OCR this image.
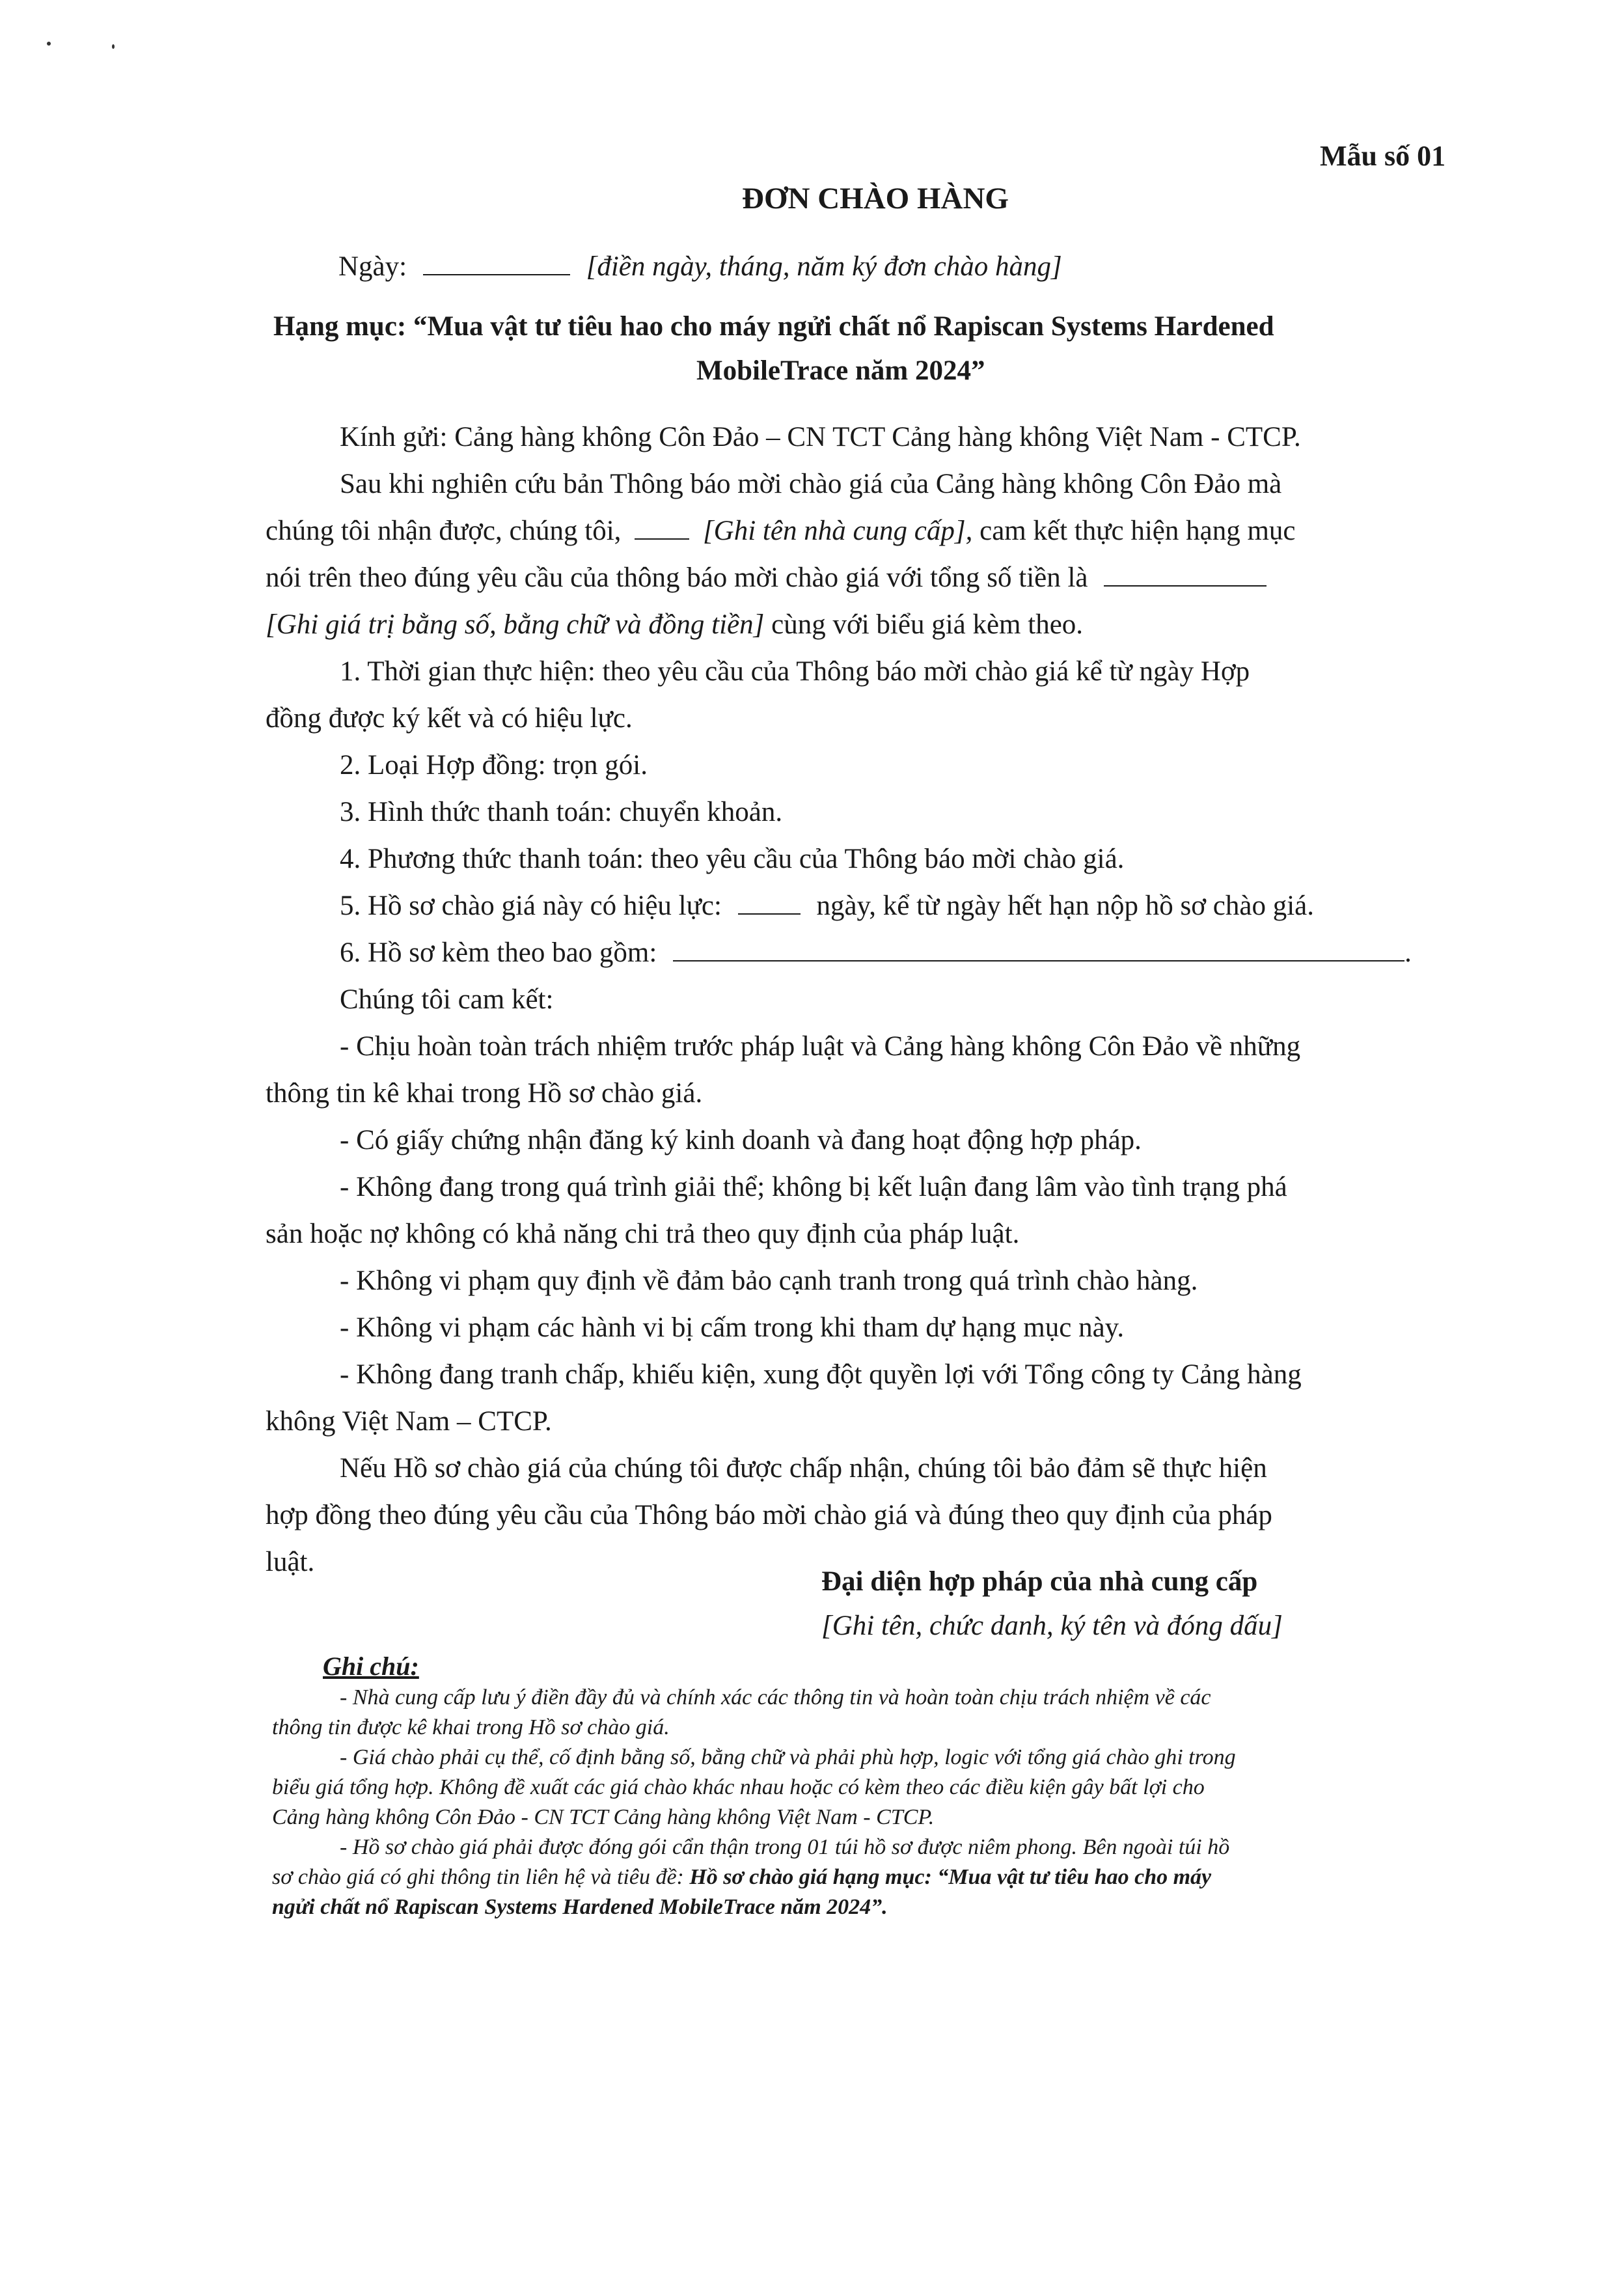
Mẫu số 01
ĐƠN CHÀO HÀNG
Ngày:	[điền ngày, tháng, năm ký đơn chào hàng]
Hạng mục: “Mua vật tư tiêu hao cho máy ngửi chất nổ Rapiscan Systems Hardened
MobileTrace năm 2024”
Kính gửi: Cảng hàng không Côn Đảo – CN TCT Cảng hàng không Việt Nam - CTCP.
Sau khi nghiên cứu bản Thông báo mời chào giá của Cảng hàng không Côn Đảo mà
chúng tôi nhận được, chúng tôi,	[Ghi tên nhà cung cấp], cam kết thực hiện hạng mục
nói trên theo đúng yêu cầu của thông báo mời chào giá với tổng số tiền là
[Ghi giá trị bằng số, bằng chữ và đồng tiền] cùng với biểu giá kèm theo.
1. Thời gian thực hiện: theo yêu cầu của Thông báo mời chào giá kể từ ngày Hợp
đồng được ký kết và có hiệu lực.
2. Loại Hợp đồng: trọn gói.
3. Hình thức thanh toán: chuyển khoản.
4. Phương thức thanh toán: theo yêu cầu của Thông báo mời chào giá.
5. Hồ sơ chào giá này có hiệu lực:	ngày, kể từ ngày hết hạn nộp hồ sơ chào giá.
6. Hồ sơ kèm theo bao gồm:	.
Chúng tôi cam kết:
- Chịu hoàn toàn trách nhiệm trước pháp luật và Cảng hàng không Côn Đảo về những
thông tin kê khai trong Hồ sơ chào giá.
- Có giấy chứng nhận đăng ký kinh doanh và đang hoạt động hợp pháp.
- Không đang trong quá trình giải thể; không bị kết luận đang lâm vào tình trạng phá
sản hoặc nợ không có khả năng chi trả theo quy định của pháp luật.
- Không vi phạm quy định về đảm bảo cạnh tranh trong quá trình chào hàng.
- Không vi phạm các hành vi bị cấm trong khi tham dự hạng mục này.
- Không đang tranh chấp, khiếu kiện, xung đột quyền lợi với Tổng công ty Cảng hàng
không Việt Nam – CTCP.
Nếu Hồ sơ chào giá của chúng tôi được chấp nhận, chúng tôi bảo đảm sẽ thực hiện
hợp đồng theo đúng yêu cầu của Thông báo mời chào giá và đúng theo quy định của pháp
luật.
Đại diện hợp pháp của nhà cung cấp
[Ghi tên, chức danh, ký tên và đóng dấu]
Ghi chú:
- Nhà cung cấp lưu ý điền đầy đủ và chính xác các thông tin và hoàn toàn chịu trách nhiệm về các
thông tin được kê khai trong Hồ sơ chào giá.
- Giá chào phải cụ thể, cố định bằng số, bằng chữ và phải phù hợp, logic với tổng giá chào ghi trong
biểu giá tổng hợp. Không đề xuất các giá chào khác nhau hoặc có kèm theo các điều kiện gây bất lợi cho
Cảng hàng không Côn Đảo - CN TCT Cảng hàng không Việt Nam - CTCP.
- Hồ sơ chào giá phải được đóng gói cẩn thận trong 01 túi hồ sơ được niêm phong. Bên ngoài túi hồ
sơ chào giá có ghi thông tin liên hệ và tiêu đề: Hồ sơ chào giá hạng mục: “Mua vật tư tiêu hao cho máy
ngửi chất nổ Rapiscan Systems Hardened MobileTrace năm 2024”.
